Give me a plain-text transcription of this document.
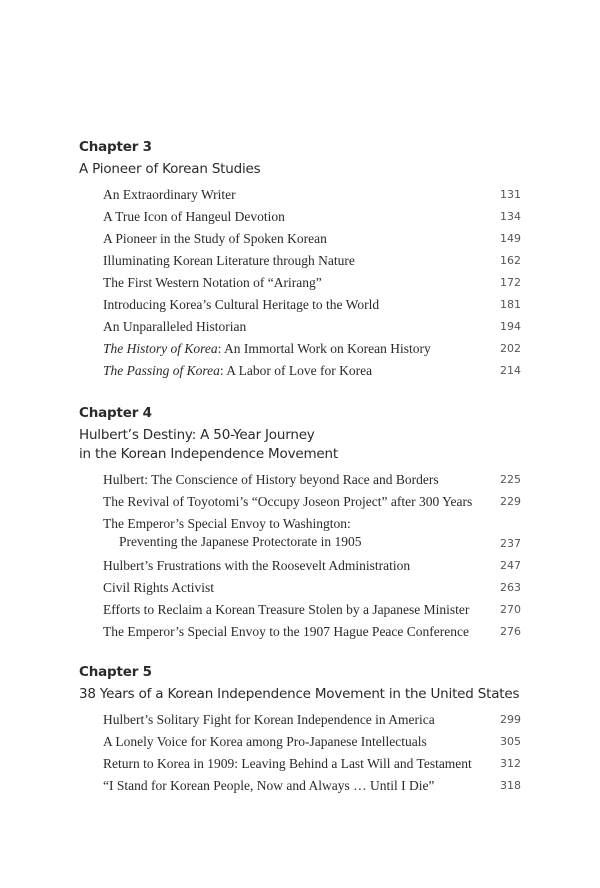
Chapter 3
A Pioneer of Korean Studies
An Extraordinary Writer	131
A True Icon of Hangeul Devotion	134
A Pioneer in the Study of Spoken Korean	149
Illuminating Korean Literature through Nature	162
The First Western Notation of “Arirang”	172
Introducing Korea’s Cultural Heritage to the World	181
An Unparalleled Historian	194
The History of Korea: An Immortal Work on Korean History	202
The Passing of Korea: A Labor of Love for Korea	214
Chapter 4
Hulbert’s Destiny: A 50-Year Journey
in the Korean Independence Movement
Hulbert: The Conscience of History beyond Race and Borders	225
The Revival of Toyotomi’s “Occupy Joseon Project” after 300 Years	229
The Emperor’s Special Envoy to Washington:
Preventing the Japanese Protectorate in 1905	237
Hulbert’s Frustrations with the Roosevelt Administration	247
Civil Rights Activist	263
Efforts to Reclaim a Korean Treasure Stolen by a Japanese Minister	270
The Emperor’s Special Envoy to the 1907 Hague Peace Conference	276
Chapter 5
38 Years of a Korean Independence Movement in the United States
Hulbert’s Solitary Fight for Korean Independence in America	299
A Lonely Voice for Korea among Pro-Japanese Intellectuals	305
Return to Korea in 1909: Leaving Behind a Last Will and Testament	312
“I Stand for Korean People, Now and Always … Until I Die”	318
